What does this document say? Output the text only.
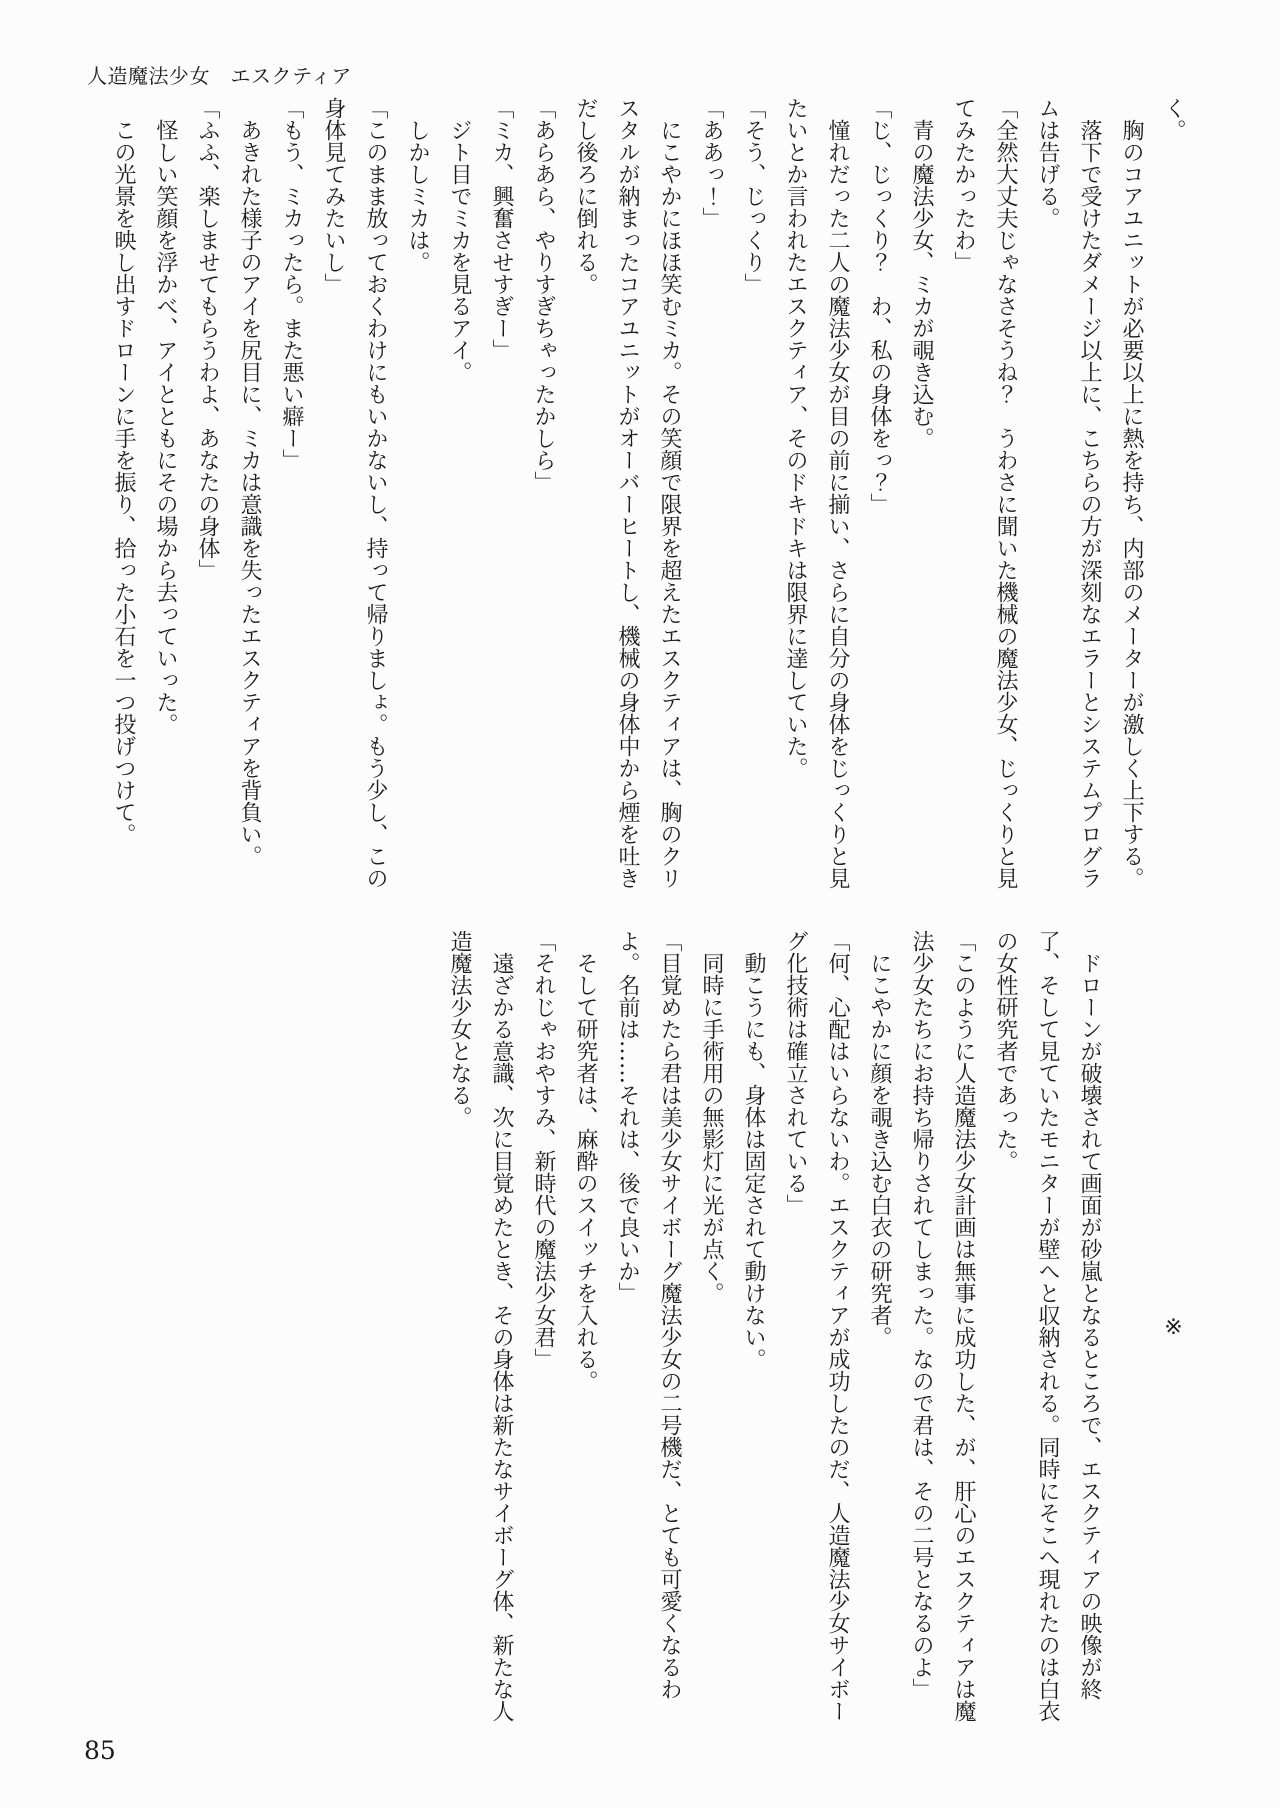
人造魔法少女　エスクティア

く。

胸のコアユニットが必要以上に熱を持ち、内部のメーターが激しく上下する。

落下で受けたダメージ以上に、こちらの方が深刻なエラーとシステムプログラムは告げる。

「全然大丈夫じゃなさそうね？　うわさに聞いた機械の魔法少女、じっくりと見てみたかったわ」

青の魔法少女、ミカが覗き込む。

「じ、じっくり？　わ、私の身体をっ？」

憧れだった二人の魔法少女が目の前に揃い、さらに自分の身体をじっくりと見たいとか言われたエスクティア、そのドキドキは限界に達していた。

「そう、じっくり」

「ああっ！」

にこやかにほほ笑むミカ。その笑顔で限界を超えたエスクティアは、胸のクリスタルが納まったコアユニットがオーバーヒートし、機械の身体中から煙を吐きだし後ろに倒れる。

「あらあら、やりすぎちゃったかしら」

「ミカ、興奮させすぎー」

ジト目でミカを見るアイ。

しかしミカは。

「このまま放っておくわけにもいかないし、持って帰りましょ。もう少し、この身体見てみたいし」

「もう、ミカったら。また悪い癖ー」

あきれた様子のアイを尻目に、ミカは意識を失ったエスクティアを背負い。

「ふふ、楽しませてもらうわよ、あなたの身体」

怪しい笑顔を浮かべ、アイとともにその場から去っていった。

この光景を映し出すドローンに手を振り、拾った小石を一つ投げつけて。

※

ドローンが破壊されて画面が砂嵐となるところで、エスクティアの映像が終了、そして見ていたモニターが壁へと収納される。同時にそこへ現れたのは白衣の女性研究者であった。

「このように人造魔法少女計画は無事に成功した、が、肝心のエスクティアは魔法少女たちにお持ち帰りされてしまった。なので君は、その二号となるのよ」

にこやかに顔を覗き込む白衣の研究者。

「何、心配はいらないわ。エスクティアが成功したのだ、人造魔法少女サイボーグ化技術は確立されている」

動こうにも、身体は固定されて動けない。

同時に手術用の無影灯に光が点く。

「目覚めたら君は美少女サイボーグ魔法少女の二号機だ、とても可愛くなるわよ。名前は……それは、後で良いか」

そして研究者は、麻酔のスイッチを入れる。

「それじゃおやすみ、新時代の魔法少女君」

遠ざかる意識、次に目覚めたとき、その身体は新たなサイボーグ体、新たな人造魔法少女となる。

85
